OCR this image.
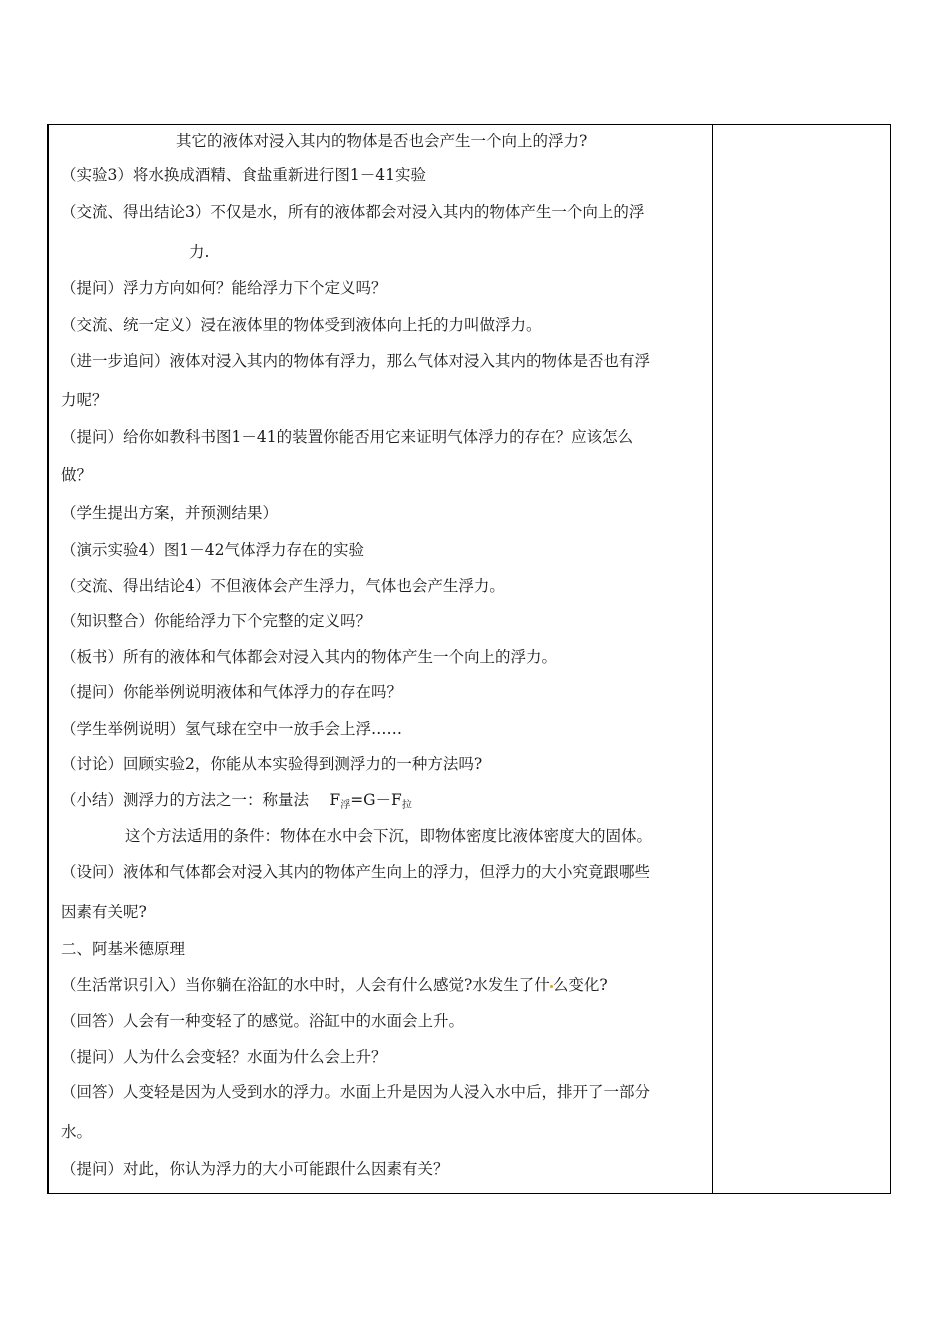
其它的液体对浸入其内的物体是否也会产生一个向上的浮力?
（实验3）将水换成酒精、食盐重新进行图1－41实验
（交流、得出结论3）不仅是水，所有的液体都会对浸入其内的物体产生一个向上的浮
力.
（提问）浮力方向如何？能给浮力下个定义吗？
（交流、统一定义）浸在液体里的物体受到液体向上托的力叫做浮力。
（进一步追问）液体对浸入其内的物体有浮力，那么气体对浸入其内的物体是否也有浮
力呢？
（提问）给你如教科书图1－41的装置你能否用它来证明气体浮力的存在？应该怎么
做？
（学生提出方案，并预测结果）
（演示实验4）图1－42气体浮力存在的实验
（交流、得出结论4）不但液体会产生浮力，气体也会产生浮力。
（知识整合）你能给浮力下个完整的定义吗？
（板书）所有的液体和气体都会对浸入其内的物体产生一个向上的浮力。
（提问）你能举例说明液体和气体浮力的存在吗？
（学生举例说明）氢气球在空中一放手会上浮……
（讨论）回顾实验2，你能从本实验得到测浮力的一种方法吗?
（小结）测浮力的方法之一：称量法　 $F_浮=G-F_拉$
这个方法适用的条件：物体在水中会下沉，即物体密度比液体密度大的固体。
（设问）液体和气体都会对浸入其内的物体产生向上的浮力，但浮力的大小究竟跟哪些
因素有关呢?
二、阿基米德原理
（生活常识引入）当你躺在浴缸的水中时，人会有什么感觉?水发生了什 么变化?
（回答）人会有一种变轻了的感觉。浴缸中的水面会上升。
（提问）人为什么会变轻？水面为什么会上升？
（回答）人变轻是因为人受到水的浮力。水面上升是因为人浸入水中后，排开了一部分
水。
（提问）对此，你认为浮力的大小可能跟什么因素有关？
